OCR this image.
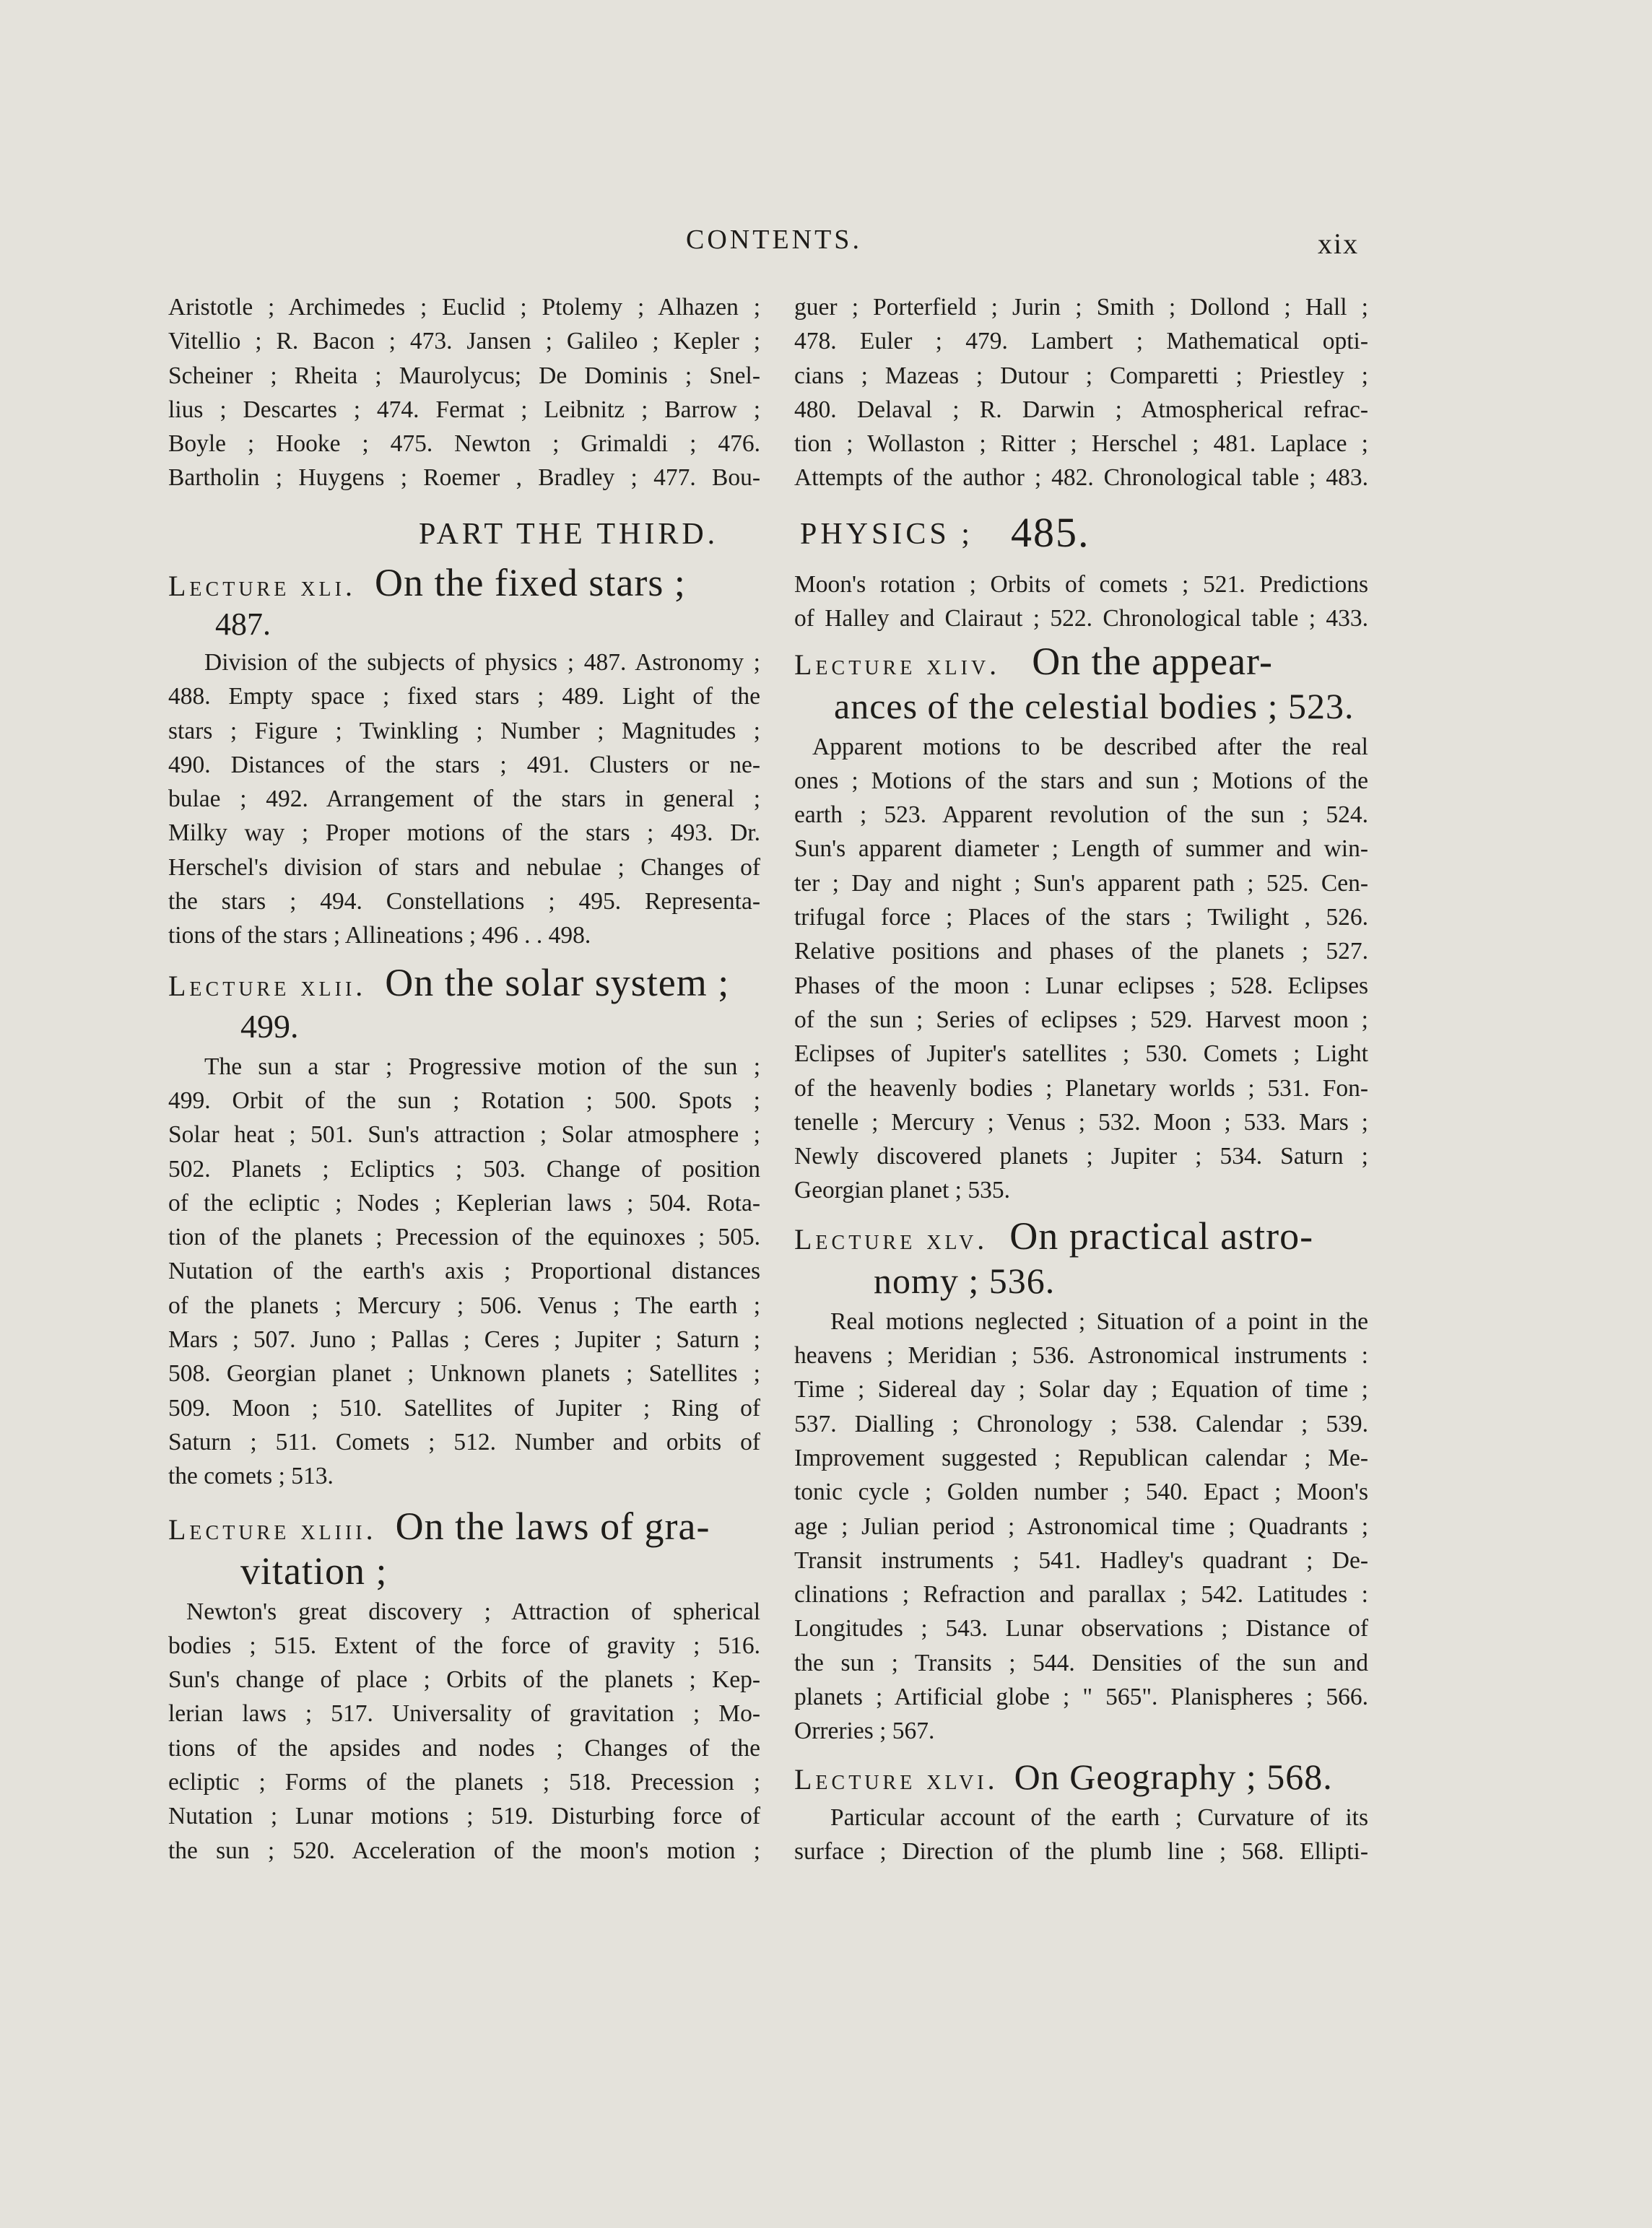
CONTENTS.	xix

Aristotle ; Archimedes ; Euclid ; Ptolemy ; Alhazen ;
Vitellio ; R. Bacon ; 473. Jansen ; Galileo ; Kepler ;
Scheiner ; Rheita ; Maurolycus; De Dominis ; Snel-
lius ; Descartes ; 474. Fermat ; Leibnitz ; Barrow ;
Boyle ; Hooke ; 475. Newton ; Grimaldi ; 476.
Bartholin ; Huygens ; Roemer , Bradley ; 477. Bou-

guer ; Porterfield ; Jurin ; Smith ; Dollond ; Hall ;
478. Euler ; 479. Lambert ; Mathematical opti-
cians ; Mazeas ; Dutour ; Comparetti ; Priestley ;
480. Delaval ; R. Darwin ; Atmospherical refrac-
tion ; Wollaston ; Ritter ; Herschel ; 481. Laplace ;
Attempts of the author ; 482. Chronological table ; 483.

PART THE THIRD.	PHYSICS ; 485.
Lecture xli. On the fixed stars ;
487.

Division of the subjects of physics ; 487. Astronomy ;
488. Empty space ; fixed stars ; 489. Light of the
stars ; Figure ; Twinkling ; Number ; Magnitudes ;
490. Distances of the stars ; 491. Clusters or ne-
bulae ; 492. Arrangement of the stars in general ;
Milky way ; Proper motions of the stars ; 493. Dr.
Herschel's division of stars and nebulae ; Changes of
the stars ; 494. Constellations ; 495. Representa-
tions of the stars ; Allineations ; 496 . . 498.

Lecture xlii. On the solar system ;
499.

The sun a star ; Progressive motion of the sun ;
499. Orbit of the sun ; Rotation ; 500. Spots ;
Solar heat ; 501. Sun's attraction ; Solar atmosphere ;
502. Planets ; Ecliptics ; 503. Change of position
of the ecliptic ; Nodes ; Keplerian laws ; 504. Rota-
tion of the planets ; Precession of the equinoxes ; 505.
Nutation of the earth's axis ; Proportional distances
of the planets ; Mercury ; 506. Venus ; The earth ;
Mars ; 507. Juno ; Pallas ; Ceres ; Jupiter ; Saturn ;
508. Georgian planet ; Unknown planets ; Satellites ;
509. Moon ; 510. Satellites of Jupiter ; Ring of
Saturn ; 511. Comets ; 512. Number and orbits of
the comets ; 513.

Lecture xliii. On the laws of gra-
vitation ;

Newton's great discovery ; Attraction of spherical
bodies ; 515. Extent of the force of gravity ; 516.
Sun's change of place ; Orbits of the planets ; Kep-
lerian laws ; 517. Universality of gravitation ; Mo-
tions of the apsides and nodes ; Changes of the
ecliptic ; Forms of the planets ; 518. Precession ;
Nutation ; Lunar motions ; 519. Disturbing force of
the sun ; 520. Acceleration of the moon's motion ;

Moon's rotation ; Orbits of comets ; 521. Predictions
of Halley and Clairaut ; 522. Chronological table ; 433.

Lecture xliv. On the appear-
ances of the celestial bodies ; 523.

Apparent motions to be described after the real
ones ; Motions of the stars and sun ; Motions of the
earth ; 523. Apparent revolution of the sun ; 524.
Sun's apparent diameter ; Length of summer and win-
ter ; Day and night ; Sun's apparent path ; 525. Cen-
trifugal force ; Places of the stars ; Twilight , 526.
Relative positions and phases of the planets ; 527.
Phases of the moon : Lunar eclipses ; 528. Eclipses
of the sun ; Series of eclipses ; 529. Harvest moon ;
Eclipses of Jupiter's satellites ; 530. Comets ; Light
of the heavenly bodies ; Planetary worlds ; 531. Fon-
tenelle ; Mercury ; Venus ; 532. Moon ; 533. Mars ;
Newly discovered planets ; Jupiter ; 534. Saturn ;
Georgian planet ; 535.

Lecture xlv. On practical astro-
nomy ; 536.

Real motions neglected ; Situation of a point in the
heavens ; Meridian ; 536. Astronomical instruments :
Time ; Sidereal day ; Solar day ; Equation of time ;
537. Dialling ; Chronology ; 538. Calendar ; 539.
Improvement suggested ; Republican calendar ; Me-
tonic cycle ; Golden number ; 540. Epact ; Moon's
age ; Julian period ; Astronomical time ; Quadrants ;
Transit instruments ; 541. Hadley's quadrant ; De-
clinations ; Refraction and parallax ; 542. Latitudes :
Longitudes ; 543. Lunar observations ; Distance of
the sun ; Transits ; 544. Densities of the sun and
planets ; Artificial globe ; " 565". Planispheres ; 566.
Orreries ; 567.

Lecture xlvi. On Geography ; 568.

Particular account of the earth ; Curvature of its
surface ; Direction of the plumb line ; 568. Ellipti-
